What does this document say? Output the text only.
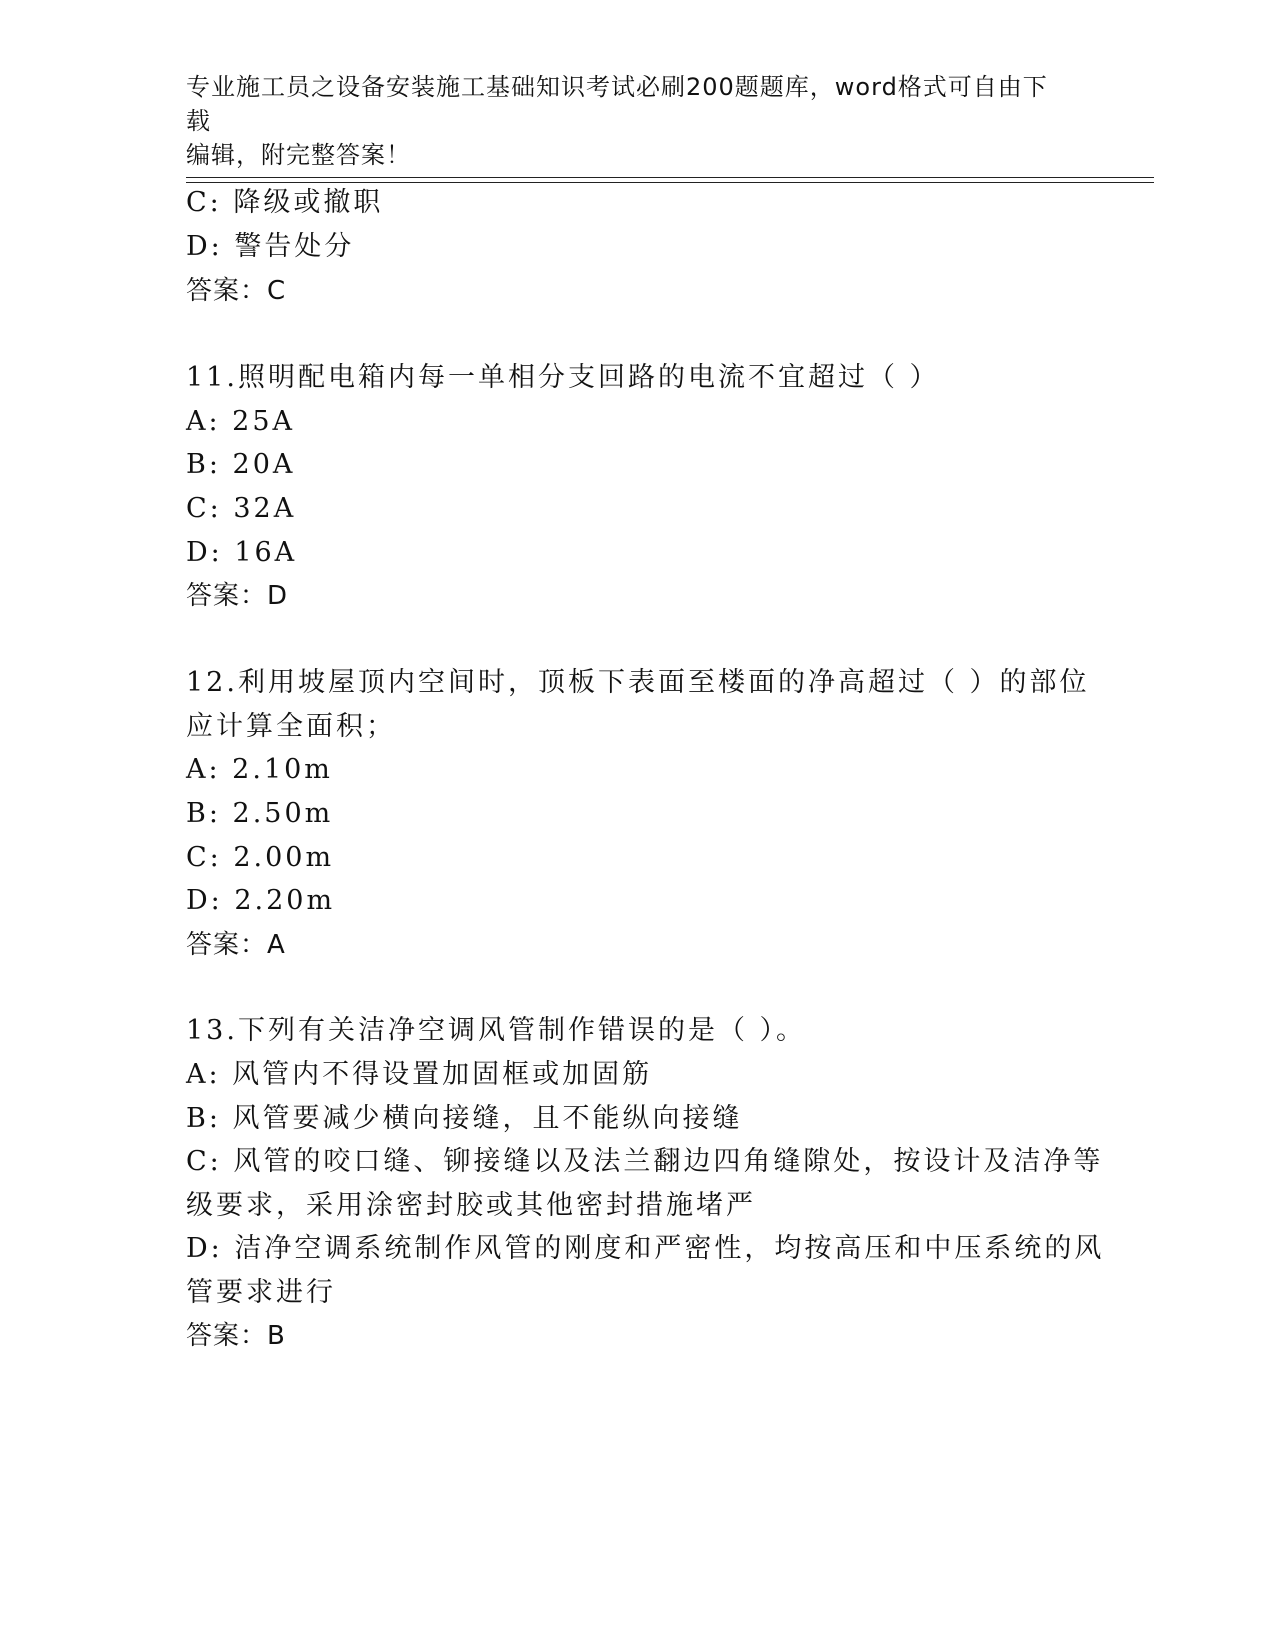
专业施工员之设备安装施工基础知识考试必刷200题题库，word格式可自由下载
编辑，附完整答案！
C: 降级或撤职
D: 警告处分
答案：C
11.照明配电箱内每一单相分支回路的电流不宜超过（ ）
A: 25A
B: 20A
C: 32A
D: 16A
答案：D
12.利用坡屋顶内空间时，顶板下表面至楼面的净高超过（ ）的部位
应计算全面积；
A: 2.10m
B: 2.50m
C: 2.00m
D: 2.20m
答案：A
13.下列有关洁净空调风管制作错误的是（ ）。
A: 风管内不得设置加固框或加固筋
B: 风管要减少横向接缝，且不能纵向接缝
C: 风管的咬口缝、铆接缝以及法兰翻边四角缝隙处，按设计及洁净等
级要求，采用涂密封胶或其他密封措施堵严
D: 洁净空调系统制作风管的刚度和严密性，均按高压和中压系统的风
管要求进行
答案：B
